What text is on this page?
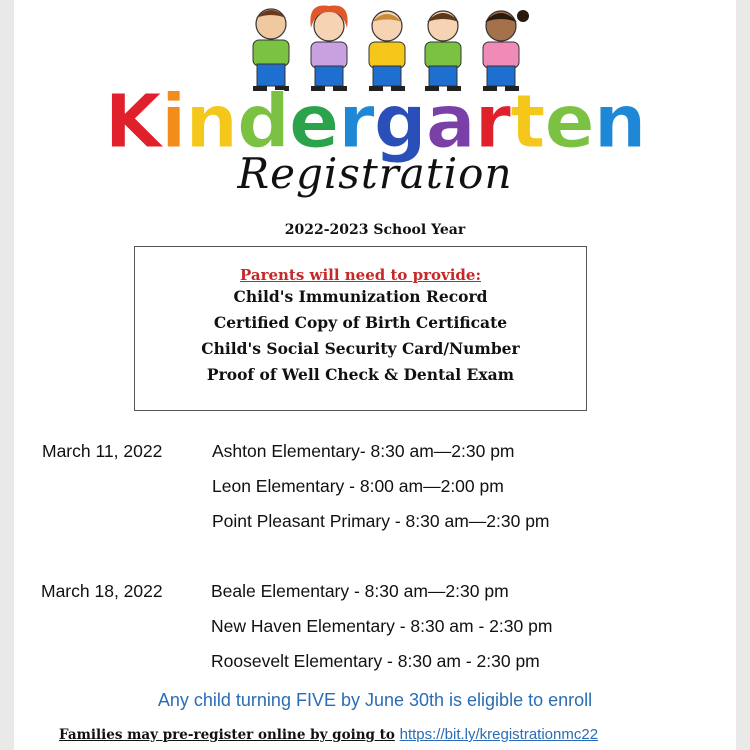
Kindergarten
Registration
2022-2023 School Year
Parents will need to provide:
Child's Immunization Record
Certified Copy of Birth Certificate
Child's Social Security Card/Number
Proof of Well Check & Dental Exam
March 11, 2022	Ashton Elementary- 8:30 am—2:30 pm
Leon Elementary - 8:00 am—2:00 pm
Point Pleasant Primary - 8:30 am—2:30 pm
March 18, 2022	Beale Elementary - 8:30 am—2:30 pm
New Haven Elementary - 8:30 am - 2:30 pm
Roosevelt Elementary - 8:30 am - 2:30 pm
Any child turning FIVE by June 30th is eligible to enroll
Families may pre-register online by going to https://bit.ly/kregistrationmc22
